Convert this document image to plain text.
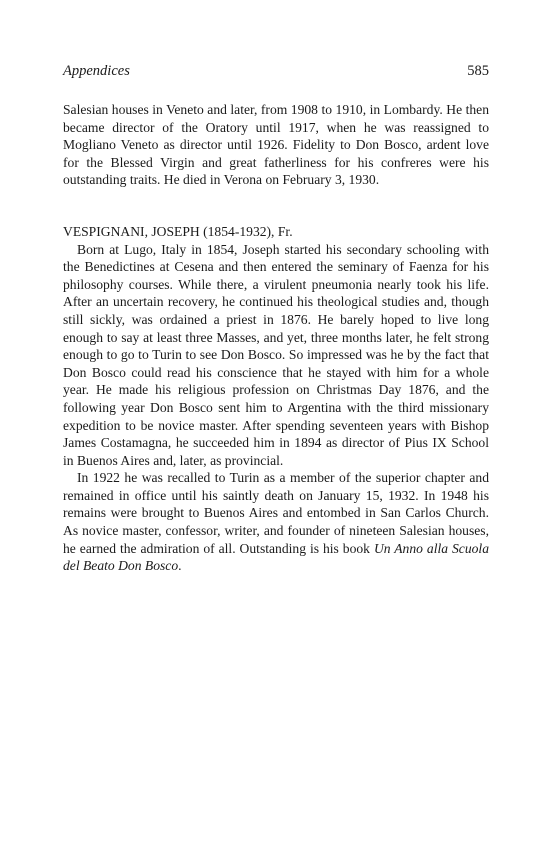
Appendices	585

Salesian houses in Veneto and later, from 1908 to 1910, in Lombardy. He then became director of the Oratory until 1917, when he was reassigned to Mogliano Veneto as director until 1926. Fidelity to Don Bosco, ardent love for the Blessed Virgin and great fatherliness for his confreres were his outstanding traits. He died in Verona on February 3, 1930.

VESPIGNANI, JOSEPH (1854-1932), Fr.

Born at Lugo, Italy in 1854, Joseph started his secondary schooling with the Benedictines at Cesena and then entered the seminary of Faenza for his philosophy courses. While there, a virulent pneumonia nearly took his life. After an uncertain recovery, he continued his theological studies and, though still sickly, was ordained a priest in 1876. He barely hoped to live long enough to say at least three Masses, and yet, three months later, he felt strong enough to go to Turin to see Don Bosco. So impressed was he by the fact that Don Bosco could read his conscience that he stayed with him for a whole year. He made his religious profession on Christmas Day 1876, and the following year Don Bosco sent him to Argentina with the third missionary expedition to be novice master. After spending seventeen years with Bishop James Costamagna, he succeeded him in 1894 as director of Pius IX School in Buenos Aires and, later, as provincial.

In 1922 he was recalled to Turin as a member of the superior chapter and remained in office until his saintly death on January 15, 1932. In 1948 his remains were brought to Buenos Aires and entombed in San Carlos Church. As novice master, confessor, writer, and founder of nineteen Salesian houses, he earned the admiration of all. Outstanding is his book Un Anno alla Scuola del Beato Don Bosco.
